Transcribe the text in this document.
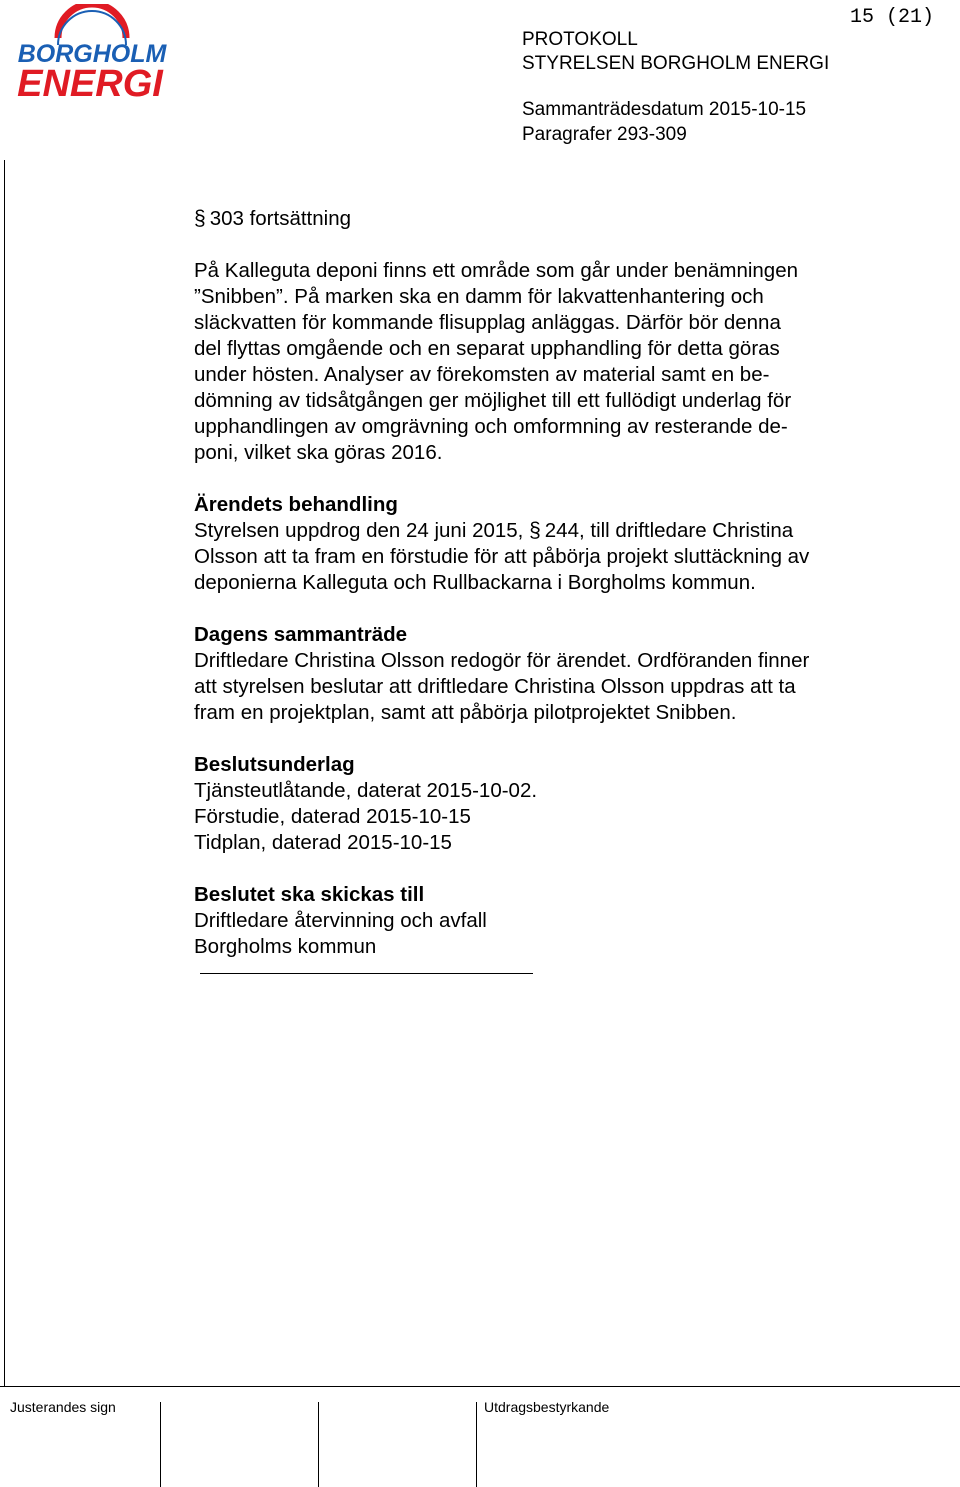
BORGHOLM
ENERGI
15 (21)
PROTOKOLL
STYRELSEN BORGHOLM ENERGI
Sammanträdesdatum 2015-10-15
Paragrafer 293-309

§ 303 fortsättning

På Kalleguta deponi finns ett område som går under benämningen

”Snibben”. På marken ska en damm för lakvattenhantering och

släckvatten för kommande flisupplag anläggas. Därför bör denna

del flyttas omgående och en separat upphandling för detta göras

under hösten. Analyser av förekomsten av material samt en be-

dömning av tidsåtgången ger möjlighet till ett fullödigt underlag för

upphandlingen av omgrävning och omformning av resterande de-

poni, vilket ska göras 2016.

Ärendets behandling

Styrelsen uppdrog den 24 juni 2015, § 244, till driftledare Christina

Olsson att ta fram en förstudie för att påbörja projekt sluttäckning av

deponierna Kalleguta och Rullbackarna i Borgholms kommun.

Dagens sammanträde

Driftledare Christina Olsson redogör för ärendet. Ordföranden finner

att styrelsen beslutar att driftledare Christina Olsson uppdras att ta

fram en projektplan, samt att påbörja pilotprojektet Snibben.

Beslutsunderlag

Tjänsteutlåtande, daterat 2015-10-02.

Förstudie, daterad 2015-10-15

Tidplan, daterad 2015-10-15

Beslutet ska skickas till

Driftledare återvinning och avfall

Borgholms kommun

Justerandes sign	Utdragsbestyrkande
